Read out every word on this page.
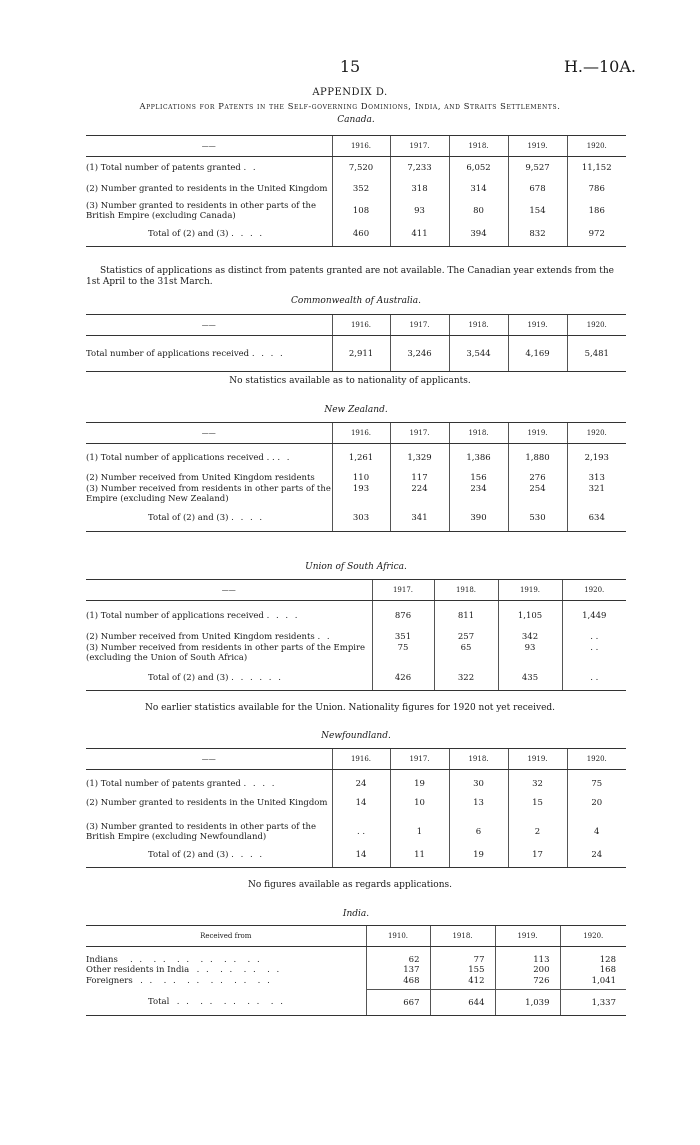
15	H.—10A.
APPENDIX D.
Applications for Patents in the Self-governing Dominions, India, and Straits Settlements.
Canada.
——	1916.	1917.	1918.	1919.	1920.
(1) Total number of patents granted . .	7,520	7,233	6,052	9,527	11,152
(2) Number granted to residents in the United Kingdom	352	318	314	678	786
(3) Number granted to residents in other parts of the British Empire (excluding Canada)	108	93	80	154	186
Total of (2) and (3) . . . .	460	411	394	832	972
Statistics of applications as distinct from patents granted are not available. The Canadian year extends from the 1st April to the 31st March.
Commonwealth of Australia.
——	1916.	1917.	1918.	1919.	1920.
Total number of applications received . . . .	2,911	3,246	3,544	4,169	5,481
No statistics available as to nationality of applicants.
New Zealand.
——	1916.	1917.	1918.	1919.	1920.
(1) Total number of applications received . . . .	1,261	1,329	1,386	1,880	2,193
(2) Number received from United Kingdom residents	110	117	156	276	313
(3) Number received from residents in other parts of the Empire (excluding New Zealand)	193	224	234	254	321
Total of (2) and (3) . . . .	303	341	390	530	634
Union of South Africa.
——	1917.	1918.	1919.	1920.
(1) Total number of applications received . . . .	876	811	1,105	1,449
(2) Number received from United Kingdom residents . .	351	257	342	. .
(3) Number received from residents in other parts of the Empire (excluding the Union of South Africa)	75	65	93	. .
Total of (2) and (3) . . . . . .	426	322	435	. .
No earlier statistics available for the Union. Nationality figures for 1920 not yet received.
Newfoundland.
——	1916.	1917.	1918.	1919.	1920.
(1) Total number of patents granted . . . .	24	19	30	32	75
(2) Number granted to residents in the United Kingdom	14	10	13	15	20
(3) Number granted to residents in other parts of the British Empire (excluding Newfoundland)	. .	1	6	2	4
Total of (2) and (3) . . . .	14	11	19	17	24
No figures available as regards applications.
India.
Received from	1910.	1918.	1919.	1920.
Indians   . .  . .  . .  . .  . .  . .	62	77	113	128
Other residents in India  . .  . .  . .  . .	137	155	200	168
Foreigners  . .  . .  . .  . .  . .  . .	468	412	726	1,041
Total  . .  . .  . .  . .  . .	667	644	1,039	1,337
